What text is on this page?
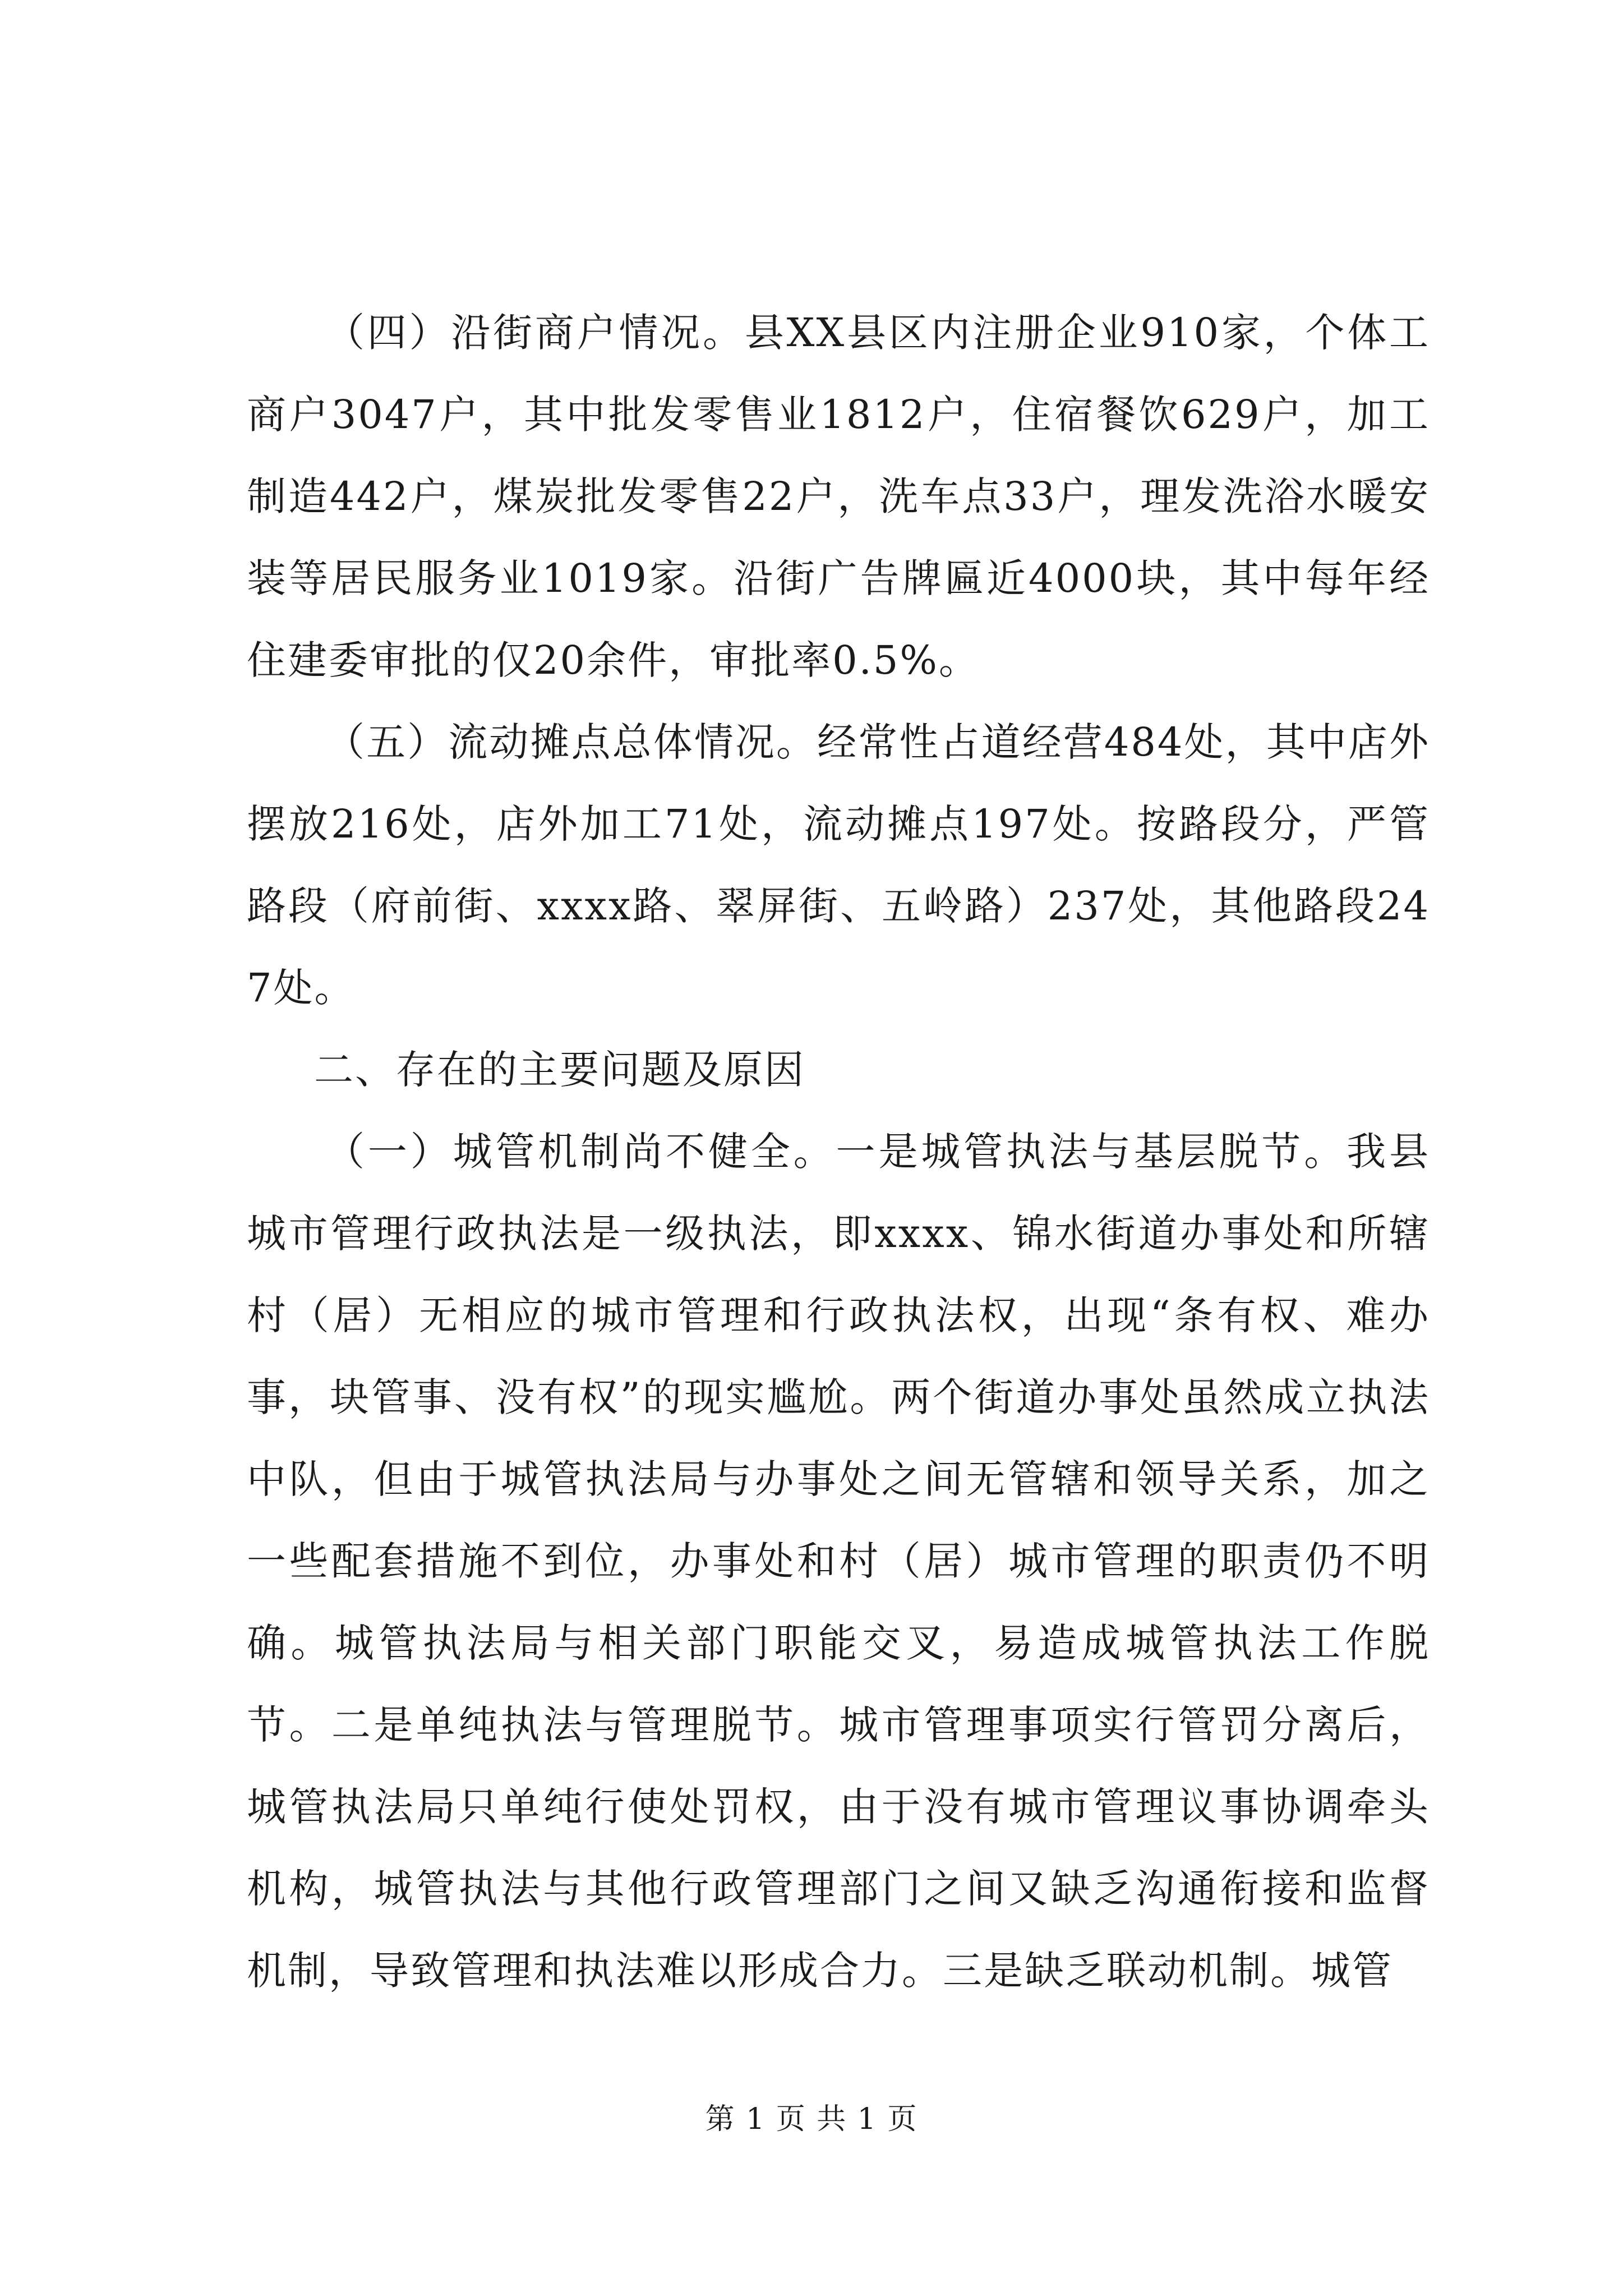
（四）沿街商户情况。县XX县区内注册企业910家，个体工商户3047户，其中批发零售业1812户，住宿餐饮629户，加工制造442户，煤炭批发零售22户，洗车点33户，理发洗浴水暖安装等居民服务业1019家。沿街广告牌匾近4000块，其中每年经住建委审批的仅20余件，审批率0.5%。

（五）流动摊点总体情况。经常性占道经营484处，其中店外摆放216处，店外加工71处，流动摊点197处。按路段分，严管路段（府前街、xxxx路、翠屏街、五岭路）237处，其他路段247处。

二、存在的主要问题及原因

（一）城管机制尚不健全。一是城管执法与基层脱节。我县城市管理行政执法是一级执法，即xxxx、锦水街道办事处和所辖村（居）无相应的城市管理和行政执法权，出现“条有权、难办事，块管事、没有权”的现实尴尬。两个街道办事处虽然成立执法中队，但由于城管执法局与办事处之间无管辖和领导关系，加之一些配套措施不到位，办事处和村（居）城市管理的职责仍不明确。城管执法局与相关部门职能交叉，易造成城管执法工作脱节。二是单纯执法与管理脱节。城市管理事项实行管罚分离后，城管执法局只单纯行使处罚权，由于没有城市管理议事协调牵头机构，城管执法与其他行政管理部门之间又缺乏沟通衔接和监督机制，导致管理和执法难以形成合力。三是缺乏联动机制。城管

第 1 页 共 1 页
